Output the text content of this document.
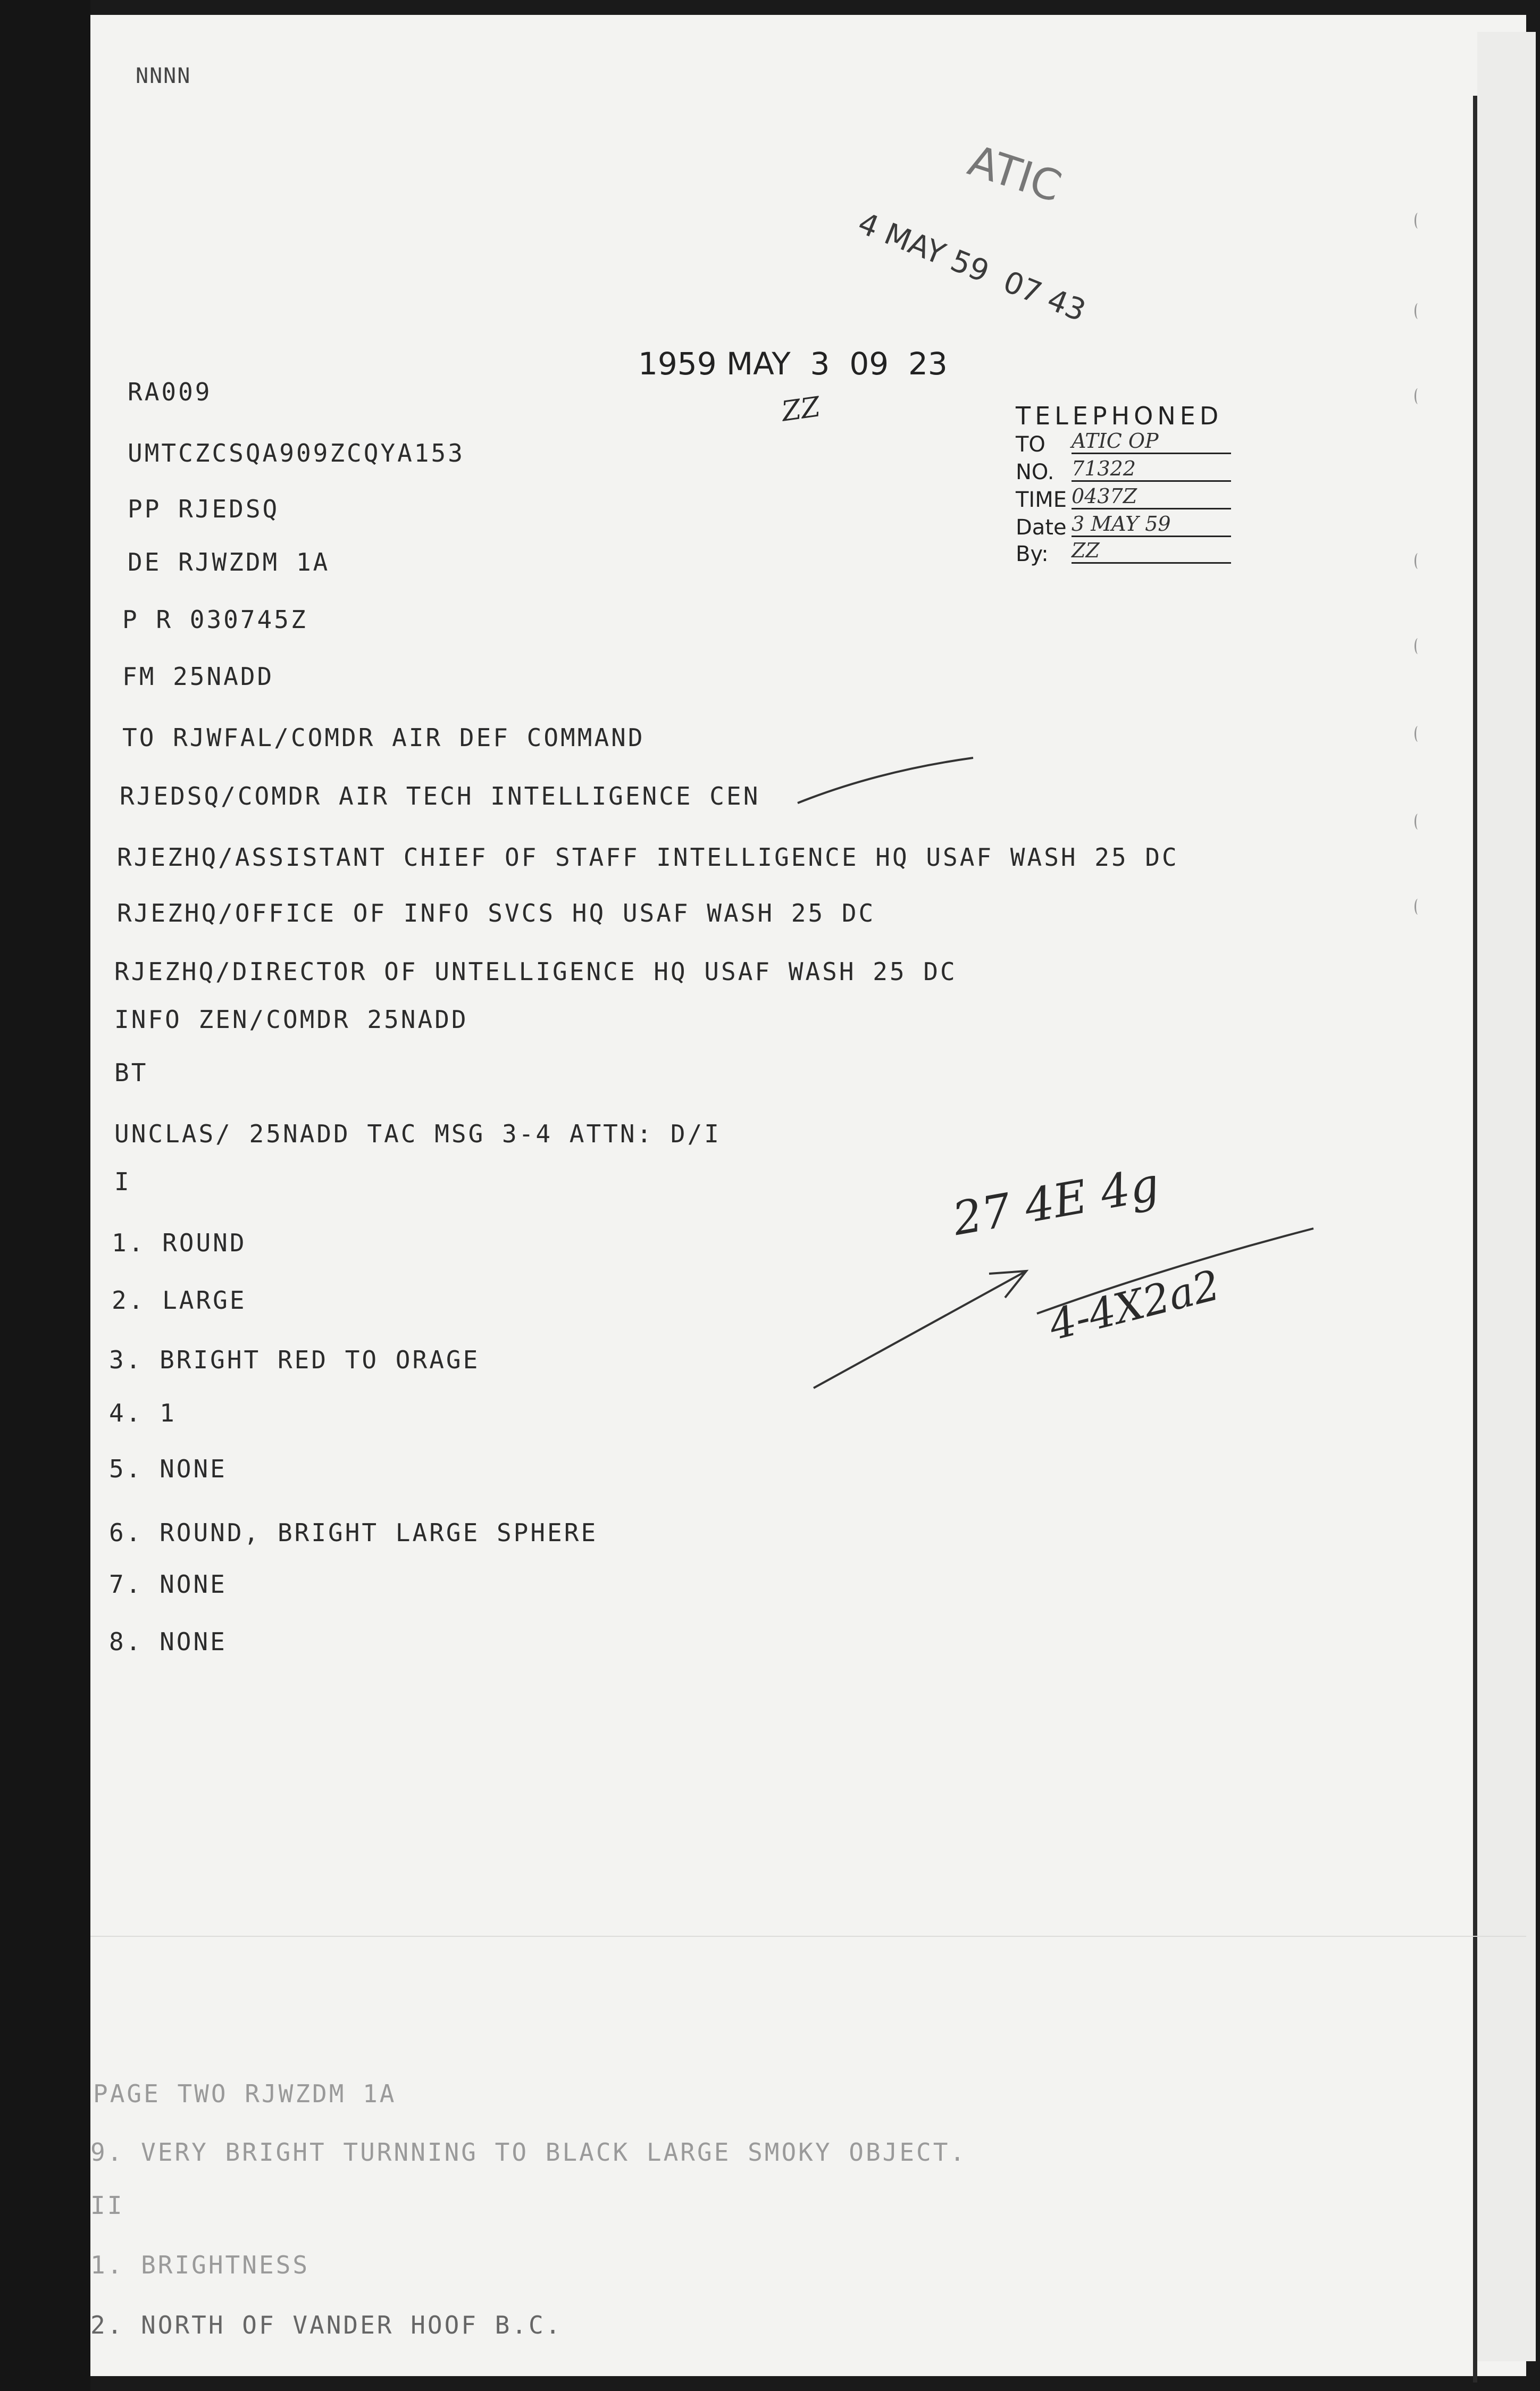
NNNN
ATIC
4 MAY 59  07 43
1959 MAY  3  09  23
ZZ	TELEPHONED
TO ATIC OP
NO. 71322
TIME 0437Z
Date 3 MAY 59
By: ZZ
RA009
UMTCZCSQA909ZCQYA153
PP RJEDSQ
DE RJWZDM 1A
P R 030745Z
FM 25NADD
TO RJWFAL/COMDR AIR DEF COMMAND
RJEDSQ/COMDR AIR TECH INTELLIGENCE CEN
RJEZHQ/ASSISTANT CHIEF OF STAFF INTELLIGENCE HQ USAF WASH 25 DC
RJEZHQ/OFFICE OF INFO SVCS HQ USAF WASH 25 DC
RJEZHQ/DIRECTOR OF UNTELLIGENCE HQ USAF WASH 25 DC
INFO ZEN/COMDR 25NADD
BT
UNCLAS/ 25NADD TAC MSG 3-4 ATTN: D/I
I
1. ROUND
2. LARGE
3. BRIGHT RED TO ORAGE
4. 1
5. NONE
6. ROUND, BRIGHT LARGE SPHERE
7. NONE
8. NONE
27 4E 4g
4-4X2a2
PAGE TWO RJWZDM 1A
9. VERY BRIGHT TURNNING TO BLACK LARGE SMOKY OBJECT.
II
1. BRIGHTNESS
2. NORTH OF VANDER HOOF B.C.
